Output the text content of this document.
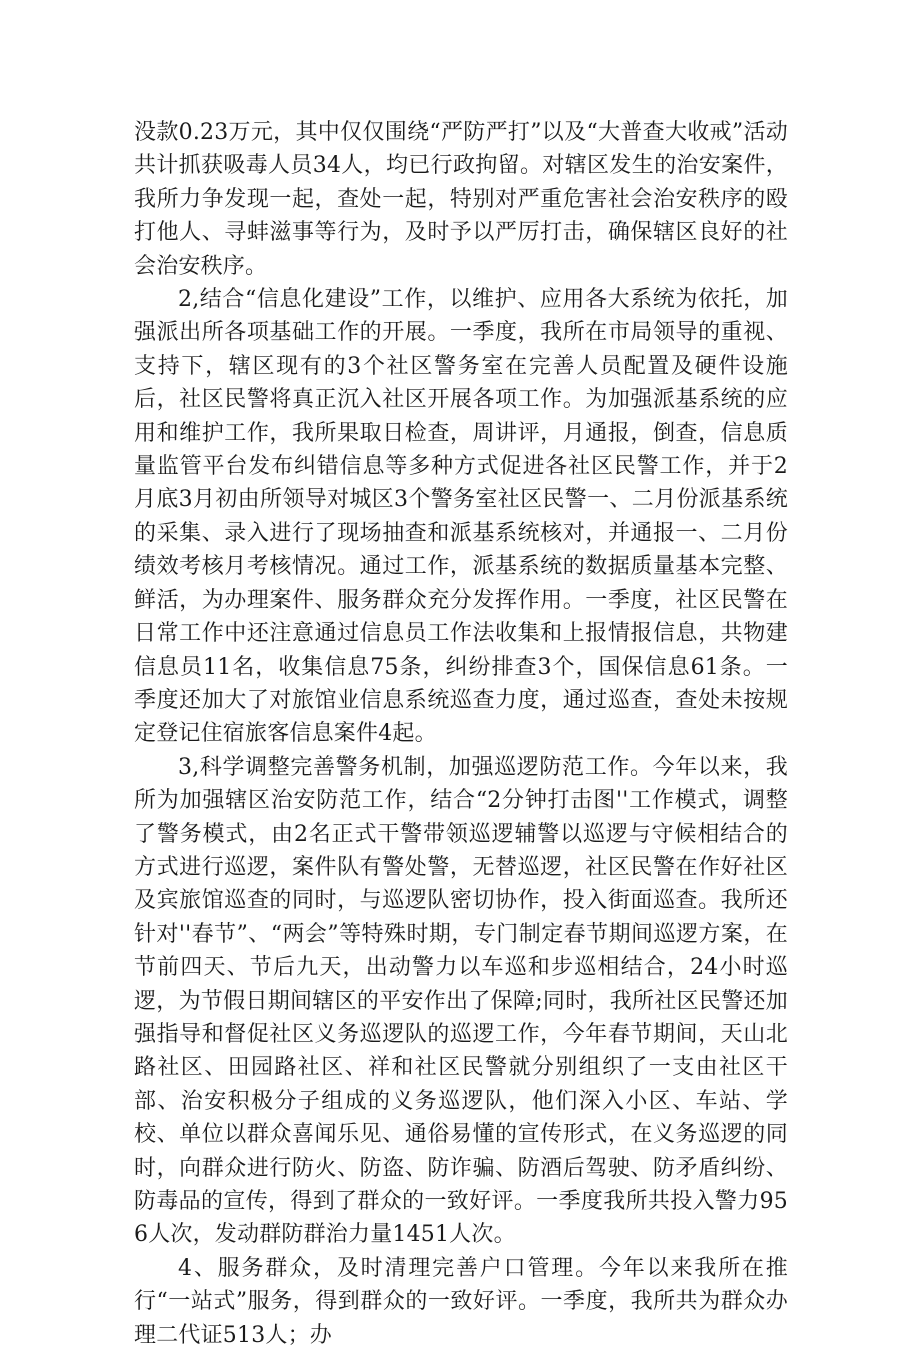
没款0.23万元，其中仅仅围绕“严防严打”以及“大普查大收戒”活动共计抓获吸毒人员34人，均已行政拘留。对辖区发生的治安案件，我所力争发现一起，查处一起，特别对严重危害社会治安秩序的殴打他人、寻蚌滋事等行为，及时予以严厉打击，确保辖区良好的社会治安秩序。

2,结合“信息化建设”工作，以维护、应用各大系统为依托，加强派出所各项基础工作的开展。一季度，我所在市局领导的重视、支持下，辖区现有的3个社区警务室在完善人员配置及硬件设施后，社区民警将真正沉入社区开展各项工作。为加强派基系统的应用和维护工作，我所果取日检查，周讲评，月通报，倒查，信息质量监管平台发布纠错信息等多种方式促进各社区民警工作，并于2月底3月初由所领导对城区3个警务室社区民警一、二月份派基系统的采集、录入进行了现场抽查和派基系统核对，并通报一、二月份绩效考核月考核情况。通过工作，派基系统的数据质量基本完整、鲜活，为办理案件、服务群众充分发挥作用。一季度，社区民警在日常工作中还注意通过信息员工作法收集和上报情报信息，共物建信息员11名，收集信息75条，纠纷排查3个，国保信息61条。一季度还加大了对旅馆业信息系统巡查力度，通过巡查，查处未按规定登记住宿旅客信息案件4起。

3,科学调整完善警务机制，加强巡逻防范工作。今年以来，我所为加强辖区治安防范工作，结合“2分钟打击图''工作模式，调整了警务模式，由2名正式干警带领巡逻辅警以巡逻与守候相结合的方式进行巡逻，案件队有警处警，无替巡逻，社区民警在作好社区及宾旅馆巡查的同时，与巡逻队密切协作，投入街面巡查。我所还针对''春节”、“两会”等特殊时期，专门制定春节期间巡逻方案，在节前四天、节后九天，出动警力以车巡和步巡相结合，24小时巡逻，为节假日期间辖区的平安作出了保障;同时，我所社区民警还加强指导和督促社区义务巡逻队的巡逻工作，今年春节期间，天山北路社区、田园路社区、祥和社区民警就分别组织了一支由社区干部、治安积极分子组成的义务巡逻队，他们深入小区、车站、学校、单位以群众喜闻乐见、通俗易懂的宣传形式，在义务巡逻的同时，向群众进行防火、防盗、防诈骗、防酒后驾驶、防矛盾纠纷、防毒品的宣传，得到了群众的一致好评。一季度我所共投入警力956人次，发动群防群治力量1451人次。

4、服务群众，及时清理完善户口管理。今年以来我所在推行“一站式”服务，得到群众的一致好评。一季度，我所共为群众办理二代证513人；办
